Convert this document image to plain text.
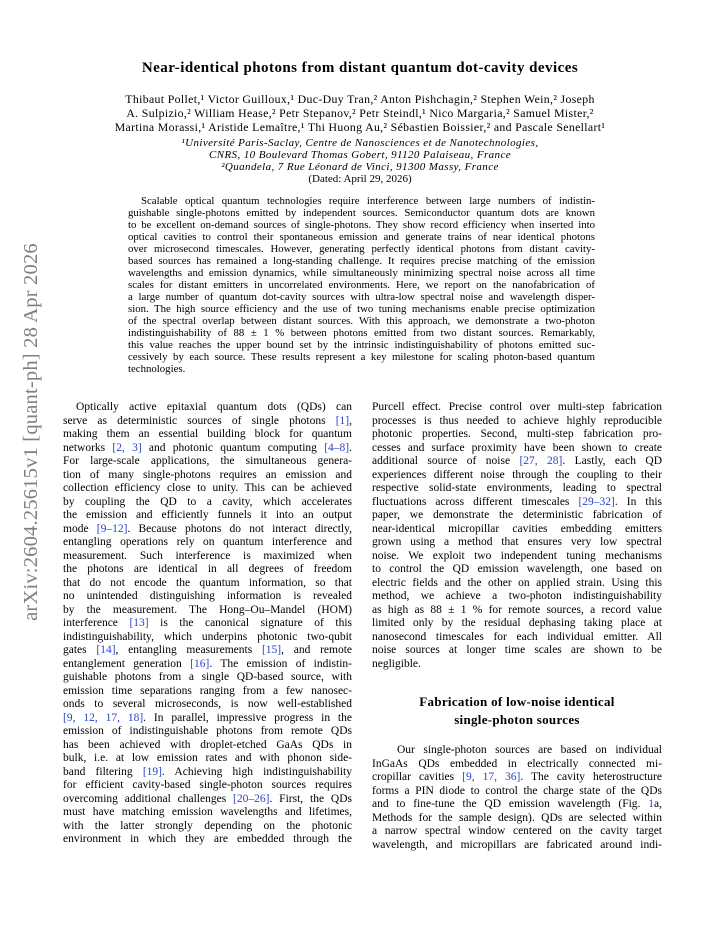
arXiv:2604.25615v1 [quant-ph] 28 Apr 2026
Near-identical photons from distant quantum dot-cavity devices
Thibaut Pollet,¹ Victor Guilloux,¹ Duc-Duy Tran,² Anton Pishchagin,² Stephen Wein,² Joseph
A. Sulpizio,² William Hease,² Petr Stepanov,² Petr Steindl,¹ Nico Margaria,² Samuel Mister,²
Martina Morassi,¹ Aristide Lemaître,¹ Thi Huong Au,² Sébastien Boissier,² and Pascale Senellart¹
¹Université Paris-Saclay, Centre de Nanosciences et de Nanotechnologies,
CNRS, 10 Boulevard Thomas Gobert, 91120 Palaiseau, France
²Quandela, 7 Rue Léonard de Vinci, 91300 Massy, France
(Dated: April 29, 2026)
Scalable optical quantum technologies require interference between large numbers of indistin-
guishable single-photons emitted by independent sources. Semiconductor quantum dots are known
to be excellent on-demand sources of single-photons. They show record efficiency when inserted into
optical cavities to control their spontaneous emission and generate trains of near identical photons
over microsecond timescales. However, generating perfectly identical photons from distant cavity-
based sources has remained a long-standing challenge. It requires precise matching of the emission
wavelengths and emission dynamics, while simultaneously minimizing spectral noise across all time
scales for distant emitters in uncorrelated environments. Here, we report on the nanofabrication of
a large number of quantum dot-cavity sources with ultra-low spectral noise and wavelength disper-
sion. The high source efficiency and the use of two tuning mechanisms enable precise optimization
of the spectral overlap between distant sources. With this approach, we demonstrate a two-photon
indistinguishability of 88 ± 1 % between photons emitted from two distant sources. Remarkably,
this value reaches the upper bound set by the intrinsic indistinguishability of photons emitted suc-
cessively by each source. These results represent a key milestone for scaling photon-based quantum
technologies.
Optically active epitaxial quantum dots (QDs) can
serve as deterministic sources of single photons [1],
making them an essential building block for quantum
networks [2, 3] and photonic quantum computing [4–8].
For large-scale applications, the simultaneous genera-
tion of many single-photons requires an emission and
collection efficiency close to unity. This can be achieved
by coupling the QD to a cavity, which accelerates
the emission and efficiently funnels it into an output
mode [9–12]. Because photons do not interact directly,
entangling operations rely on quantum interference and
measurement. Such interference is maximized when
the photons are identical in all degrees of freedom
that do not encode the quantum information, so that
no unintended distinguishing information is revealed
by the measurement. The Hong–Ou–Mandel (HOM)
interference [13] is the canonical signature of this
indistinguishability, which underpins photonic two-qubit
gates [14], entangling measurements [15], and remote
entanglement generation [16]. The emission of indistin-
guishable photons from a single QD-based source, with
emission time separations ranging from a few nanosec-
onds to several microseconds, is now well-established
[9, 12, 17, 18]. In parallel, impressive progress in the
emission of indistinguishable photons from remote QDs
has been achieved with droplet-etched GaAs QDs in
bulk, i.e. at low emission rates and with phonon side-
band filtering [19]. Achieving high indistinguishability
for efficient cavity-based single-photon sources requires
overcoming additional challenges [20–26]. First, the QDs
must have matching emission wavelengths and lifetimes,
with the latter strongly depending on the photonic
environment in which they are embedded through the
Purcell effect. Precise control over multi-step fabrication
processes is thus needed to achieve highly reproducible
photonic properties. Second, multi-step fabrication pro-
cesses and surface proximity have been shown to create
additional source of noise [27, 28]. Lastly, each QD
experiences different noise through the coupling to their
respective solid-state environments, leading to spectral
fluctuations across different timescales [29–32]. In this
paper, we demonstrate the deterministic fabrication of
near-identical micropillar cavities embedding emitters
grown using a method that ensures very low spectral
noise. We exploit two independent tuning mechanisms
to control the QD emission wavelength, one based on
electric fields and the other on applied strain. Using this
method, we achieve a two-photon indistinguishability
as high as 88 ± 1 % for remote sources, a record value
limited only by the residual dephasing taking place at
nanosecond timescales for each individual emitter. All
noise sources at longer time scales are shown to be
negligible.
Fabrication of low-noise identical
single-photon sources
Our single-photon sources are based on individual
InGaAs QDs embedded in electrically connected mi-
cropillar cavities [9, 17, 36]. The cavity heterostructure
forms a PIN diode to control the charge state of the QDs
and to fine-tune the QD emission wavelength (Fig. 1a,
Methods for the sample design). QDs are selected within
a narrow spectral window centered on the cavity target
wavelength, and micropillars are fabricated around indi-
